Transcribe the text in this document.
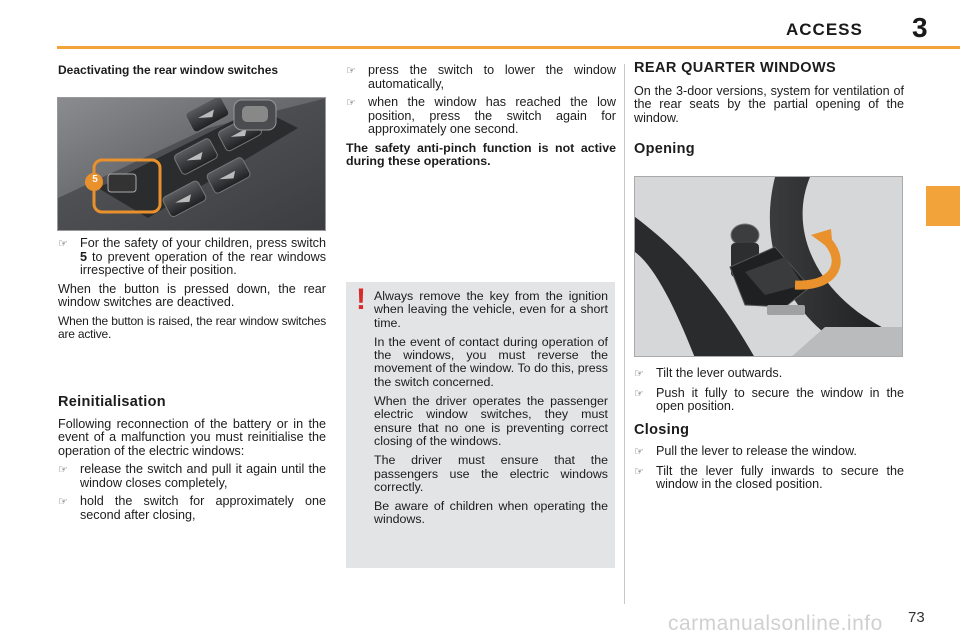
ACCESS 3
Deactivating the rear window switches
5
☞ For the safety of your children, press switch 5 to prevent operation of the rear windows irrespective of their position.

When the button is pressed down, the rear window switches are deactived.

When the button is raised, the rear window switches are active.

Reinitialisation

Following reconnection of the battery or in the event of a malfunction you must reinitialise the operation of the electric windows:

☞ release the switch and pull it again until the window closes completely,
☞ hold the switch for approximately one second after closing,
☞ press the switch to lower the window automatically,
☞ when the window has reached the low position, press the switch again for approximately one second.

The safety anti-pinch function is not active during these operations.

! Always remove the key from the ignition when leaving the vehicle, even for a short time.

In the event of contact during operation of the windows, you must reverse the movement of the window. To do this, press the switch concerned.

When the driver operates the passenger electric window switches, they must ensure that no one is preventing correct closing of the windows.

The driver must ensure that the passengers use the electric windows correctly.

Be aware of children when operating the windows.

REAR QUARTER WINDOWS

On the 3-door versions, system for ventilation of the rear seats by the partial opening of the window.

Opening
☞ Tilt the lever outwards.
☞ Push it fully to secure the window in the open position.
Closing
☞ Pull the lever to release the window.
☞ Tilt the lever fully inwards to secure the window in the closed position.
73
carmanualsonline.info
